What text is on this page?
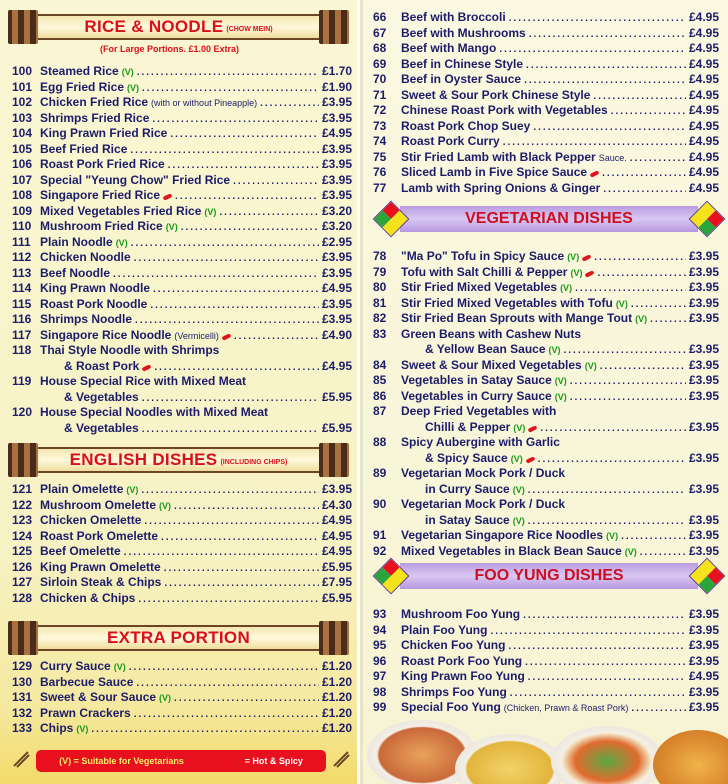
RICE & NOODLE (CHOW MEIN)
(For Large Portions. £1.00 Extra)
100 Steamed Rice (V) .....	£1.70
101 Egg Fried Rice (V) .....	£1.90
102 Chicken Fried Rice (with or without Pineapple) .....	£3.95
103 Shrimps Fried Rice .....	£3.95
104 King Prawn Fried Rice .....	£4.95
105 Beef Fried Rice .....	£3.95
106 Roast Pork Fried Rice .....	£3.95
107 Special "Yeung Chow" Fried Rice .....	£3.95
108 Singapore Fried Rice .....	£3.95
109 Mixed Vegetables Fried Rice (V) .....	£3.20
110 Mushroom Fried Rice (V) .....	£3.20
111 Plain Noodle (V) .....	£2.95
112 Chicken Noodle .....	£3.95
113 Beef Noodle .....	£3.95
114 King Prawn Noodle .....	£4.95
115 Roast Pork Noodle .....	£3.95
116 Shrimps Noodle .....	£3.95
117 Singapore Rice Noodle (Vermicelli) .....	£4.90
118 Thai Style Noodle with Shrimps
& Roast Pork .....	£4.95
119 House Special Rice with Mixed Meat
& Vegetables .....	£5.95
120 House Special Noodles with Mixed Meat
& Vegetables .....	£5.95
ENGLISH DISHES (INCLUDING CHIPS)
121 Plain Omelette (V) .....	£3.95
122 Mushroom Omelette (V) .....	£4.30
123 Chicken Omelette .....	£4.95
124 Roast Pork Omelette .....	£4.95
125 Beef Omelette .....	£4.95
126 King Prawn Omelette .....	£5.95
127 Sirloin Steak & Chips .....	£7.95
128 Chicken & Chips .....	£5.95
EXTRA PORTION
129 Curry Sauce (V) .....	£1.20
130 Barbecue Sauce .....	£1.20
131 Sweet & Sour Sauce (V) .....	£1.20
132 Prawn Crackers .....	£1.20
133 Chips (V) .....	£1.20
(V) = Suitable for Vegetarians	= Hot & Spicy
66	Beef with Broccoli .....	£4.95
67	Beef with Mushrooms .....	£4.95
68	Beef with Mango .....	£4.95
69	Beef in Chinese Style .....	£4.95
70	Beef in Oyster Sauce .....	£4.95
71	Sweet & Sour Pork Chinese Style .....	£4.95
72	Chinese Roast Pork with Vegetables .....	£4.95
73	Roast Pork Chop Suey .....	£4.95
74	Roast Pork Curry .....	£4.95
75	Stir Fried Lamb with Black Pepper Sauce. .....	£4.95
76	Sliced Lamb in Five Spice Sauce .....	£4.95
77	Lamb with Spring Onions & Ginger .....	£4.95
78	"Ma Po" Tofu in Spicy Sauce (V) .....	£3.95
79	Tofu with Salt Chilli & Pepper (V) .....	£3.95
80	Stir Fried Mixed Vegetables (V) .....	£3.95
81	Stir Fried Mixed Vegetables with Tofu (V) .....	£3.95
82	Stir Fried Bean Sprouts with Mange Tout (V) .....	£3.95
83	Green Beans with Cashew Nuts
& Yellow Bean Sauce (V) .....	£3.95
84	Sweet & Sour Mixed Vegetables (V) .....	£3.95
85	Vegetables in Satay Sauce (V) .....	£3.95
86	Vegetables in Curry Sauce (V) .....	£3.95
87	Deep Fried Vegetables with
Chilli & Pepper (V) .....	£3.95
88	Spicy Aubergine with Garlic
& Spicy Sauce (V) .....	£3.95
89	Vegetarian Mock Pork / Duck
in Curry Sauce (V) .....	£3.95
90	Vegetarian Mock Pork / Duck
in Satay Sauce (V) .....	£3.95
91	Vegetarian Singapore Rice Noodles (V) .....	£3.95
92	Mixed Vegetables in Black Bean Sauce (V) .....	£3.95
93	Mushroom Foo Yung .....	£3.95
94	Plain Foo Yung .....	£3.95
95	Chicken Foo Yung .....	£3.95
96	Roast Pork Foo Yung .....	£3.95
97	King Prawn Foo Yung .....	£4.95
98	Shrimps Foo Yung .....	£3.95
99	Special Foo Yung (Chicken, Prawn & Roast Pork) .....	£3.95
VEGETARIAN DISHES
FOO YUNG DISHES
